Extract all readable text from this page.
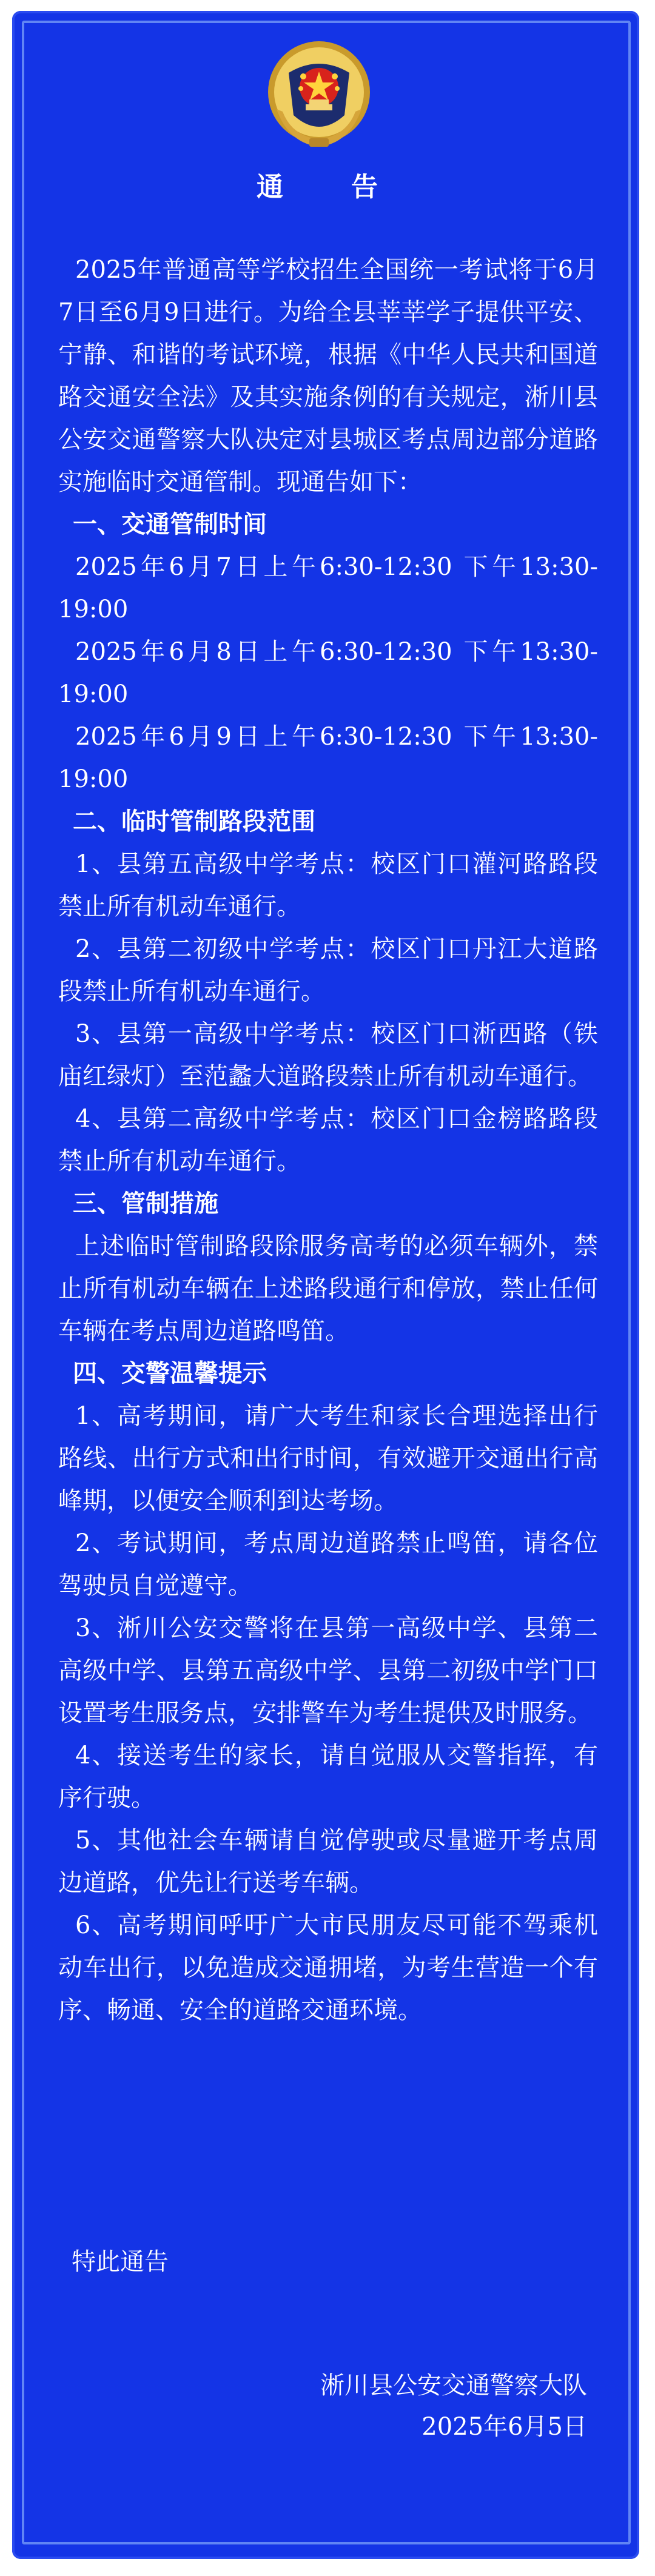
通　告

2025年普通高等学校招生全国统一考试将于6月7日至6月9日进行。为给全县莘莘学子提供平安、宁静、和谐的考试环境，根据《中华人民共和国道路交通安全法》及其实施条例的有关规定，淅川县公安交通警察大队决定对县城区考点周边部分道路实施临时交通管制。现通告如下：

一、交通管制时间

2025年6月7日上午6:30-12:30 下午13:30-19:00

2025年6月8日上午6:30-12:30 下午13:30-19:00

2025年6月9日上午6:30-12:30 下午13:30-19:00

二、临时管制路段范围

1、县第五高级中学考点：校区门口灌河路路段禁止所有机动车通行。

2、县第二初级中学考点：校区门口丹江大道路段禁止所有机动车通行。

3、县第一高级中学考点：校区门口淅西路（铁庙红绿灯）至范蠡大道路段禁止所有机动车通行。

4、县第二高级中学考点：校区门口金榜路路段禁止所有机动车通行。

三、管制措施

上述临时管制路段除服务高考的必须车辆外，禁止所有机动车辆在上述路段通行和停放，禁止任何车辆在考点周边道路鸣笛。

四、交警温馨提示

1、高考期间，请广大考生和家长合理选择出行路线、出行方式和出行时间，有效避开交通出行高峰期，以便安全顺利到达考场。

2、考试期间，考点周边道路禁止鸣笛，请各位驾驶员自觉遵守。

3、淅川公安交警将在县第一高级中学、县第二高级中学、县第五高级中学、县第二初级中学门口设置考生服务点，安排警车为考生提供及时服务。

4、接送考生的家长，请自觉服从交警指挥，有序行驶。

5、其他社会车辆请自觉停驶或尽量避开考点周边道路，优先让行送考车辆。

6、高考期间呼吁广大市民朋友尽可能不驾乘机动车出行，以免造成交通拥堵，为考生营造一个有序、畅通、安全的道路交通环境。

特此通告
淅川县公安交通警察大队
2025年6月5日
